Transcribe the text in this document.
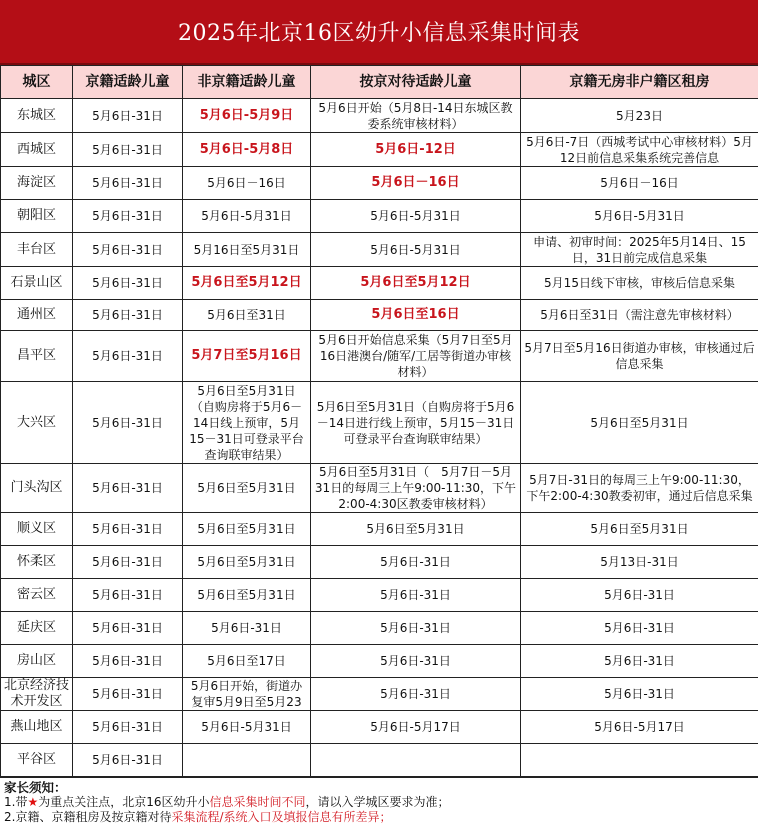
2025年北京16区幼升小信息采集时间表
城区	京籍适龄儿童	非京籍适龄儿童	按京对待适龄儿童	京籍无房非户籍区租房
东城区	5月6日-31日	5月6日-5月9日	5月6日开始（5月8日-14日东城区教委系统审核材料）	5月23日
西城区	5月6日-31日	5月6日-5月8日	5月6日-12日	5月6日-7日（西城考试中心审核材料）5月12日前信息采集系统完善信息
海淀区	5月6日-31日	5月6日－16日	5月6日－16日	5月6日－16日
朝阳区	5月6日-31日	5月6日-5月31日	5月6日-5月31日	5月6日-5月31日
丰台区	5月6日-31日	5月16日至5月31日	5月6日-5月31日	申请、初审时间：2025年5月14日、15日，31日前完成信息采集
石景山区	5月6日-31日	5月6日至5月12日	5月6日至5月12日	5月15日线下审核，审核后信息采集
通州区	5月6日-31日	5月6日至31日	5月6日至16日	5月6日至31日（需注意先审核材料）
昌平区	5月6日-31日	5月7日至5月16日	5月6日开始信息采集（5月7日至5月16日港澳台/随军/工居等街道办审核材料）	5月7日至5月16日街道办审核，审核通过后信息采集
大兴区	5月6日-31日	5月6日至5月31日（自购房将于5月6－14日线上预审，5月15－31日可登录平台查询联审结果）	5月6日至5月31日（自购房将于5月6－14日进行线上预审，5月15－31日可登录平台查询联审结果）	5月6日至5月31日
门头沟区	5月6日-31日	5月6日至5月31日	5月6日至5月31日（　5月7日－5月31日的每周三上午9:00-11:30，下午2:00-4:30区教委审核材料）	5月7日-31日的每周三上午9:00-11:30，下午2:00-4:30教委初审，通过后信息采集
顺义区	5月6日-31日	5月6日至5月31日	5月6日至5月31日	5月6日至5月31日
怀柔区	5月6日-31日	5月6日至5月31日	5月6日-31日	5月13日-31日
密云区	5月6日-31日	5月6日至5月31日	5月6日-31日	5月6日-31日
延庆区	5月6日-31日	5月6日-31日	5月6日-31日	5月6日-31日
房山区	5月6日-31日	5月6日至17日	5月6日-31日	5月6日-31日
北京经济技术开发区	5月6日-31日	5月6日开始，街道办复审5月9日至5月23	5月6日-31日	5月6日-31日
燕山地区	5月6日-31日	5月6日-5月31日	5月6日-5月17日	5月6日-5月17日
平谷区	5月6日-31日			
家长须知：
1.带★为重点关注点，北京16区幼升小信息采集时间不同，请以入学城区要求为准；
2.京籍、京籍租房及按京籍对待采集流程/系统入口及填报信息有所差异；
